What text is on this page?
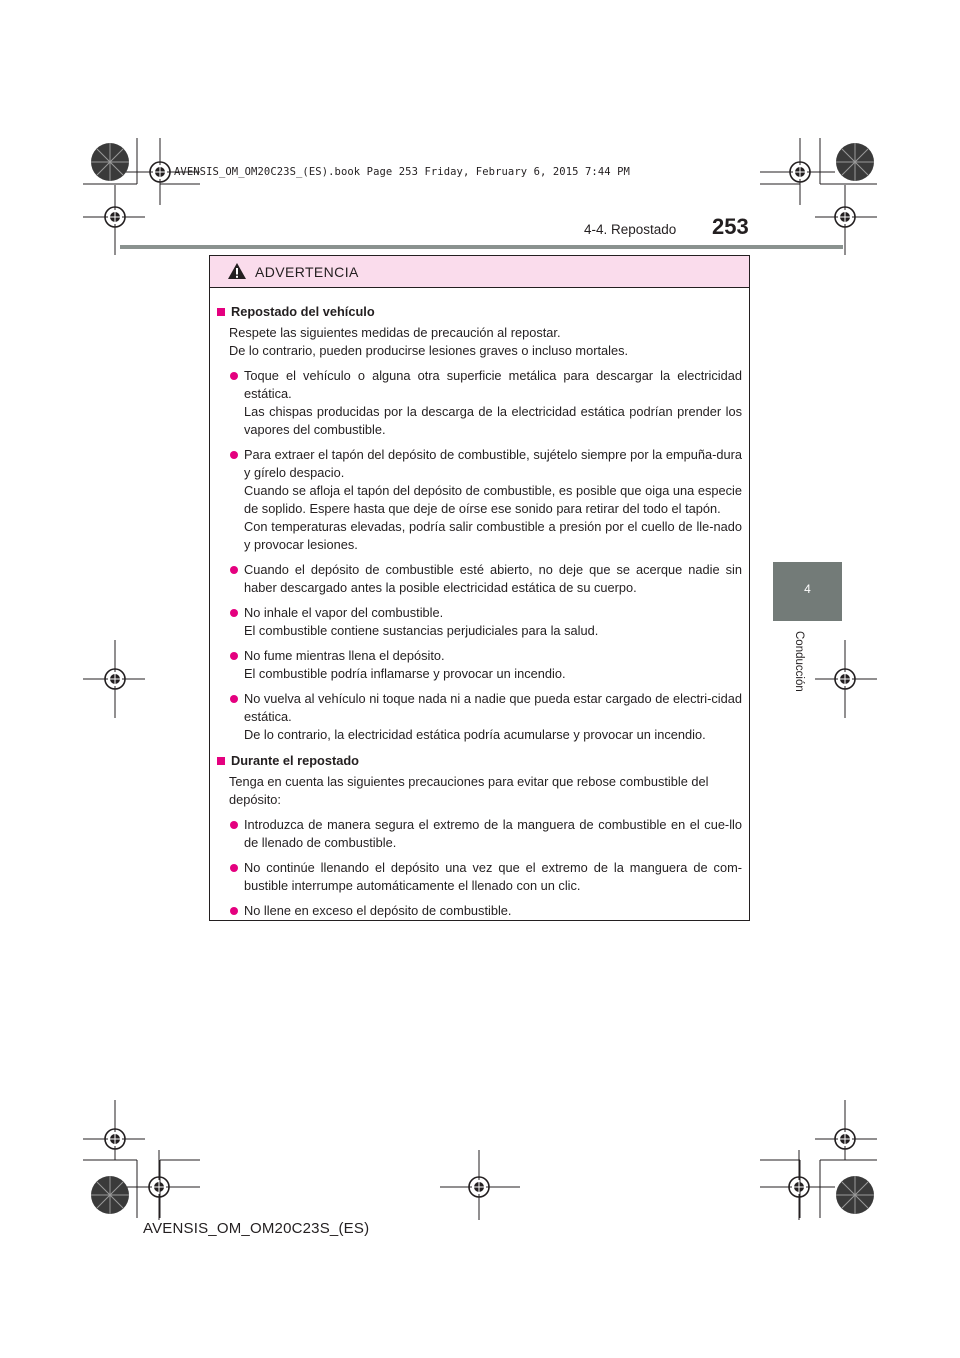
AVENSIS_OM_OM20C23S_(ES).book Page 253 Friday, February 6, 2015 7:44 PM
4-4. Repostado 253
4
Conducción
ADVERTENCIA
Repostado del vehículo

Respete las siguientes medidas de precaución al repostar.
De lo contrario, pueden producirse lesiones graves o incluso mortales.

Toque el vehículo o alguna otra superficie metálica para descargar la electricidad estática.
Las chispas producidas por la descarga de la electricidad estática podrían prender los vapores del combustible.
Para extraer el tapón del depósito de combustible, sujételo siempre por la empuña-dura y gírelo despacio.
Cuando se afloja el tapón del depósito de combustible, es posible que oiga una especie de soplido. Espere hasta que deje de oírse ese sonido para retirar del todo el tapón.
Con temperaturas elevadas, podría salir combustible a presión por el cuello de lle-nado y provocar lesiones.
Cuando el depósito de combustible esté abierto, no deje que se acerque nadie sin haber descargado antes la posible electricidad estática de su cuerpo.
No inhale el vapor del combustible.
El combustible contiene sustancias perjudiciales para la salud.
No fume mientras llena el depósito.
El combustible podría inflamarse y provocar un incendio.
No vuelva al vehículo ni toque nada ni a nadie que pueda estar cargado de electri-cidad estática.
De lo contrario, la electricidad estática podría acumularse y provocar un incendio.
Durante el repostado

Tenga en cuenta las siguientes precauciones para evitar que rebose combustible del depósito:

Introduzca de manera segura el extremo de la manguera de combustible en el cue-llo de llenado de combustible.
No continúe llenando el depósito una vez que el extremo de la manguera de com-bustible interrumpe automáticamente el llenado con un clic.
No llene en exceso el depósito de combustible.
AVENSIS_OM_OM20C23S_(ES)
